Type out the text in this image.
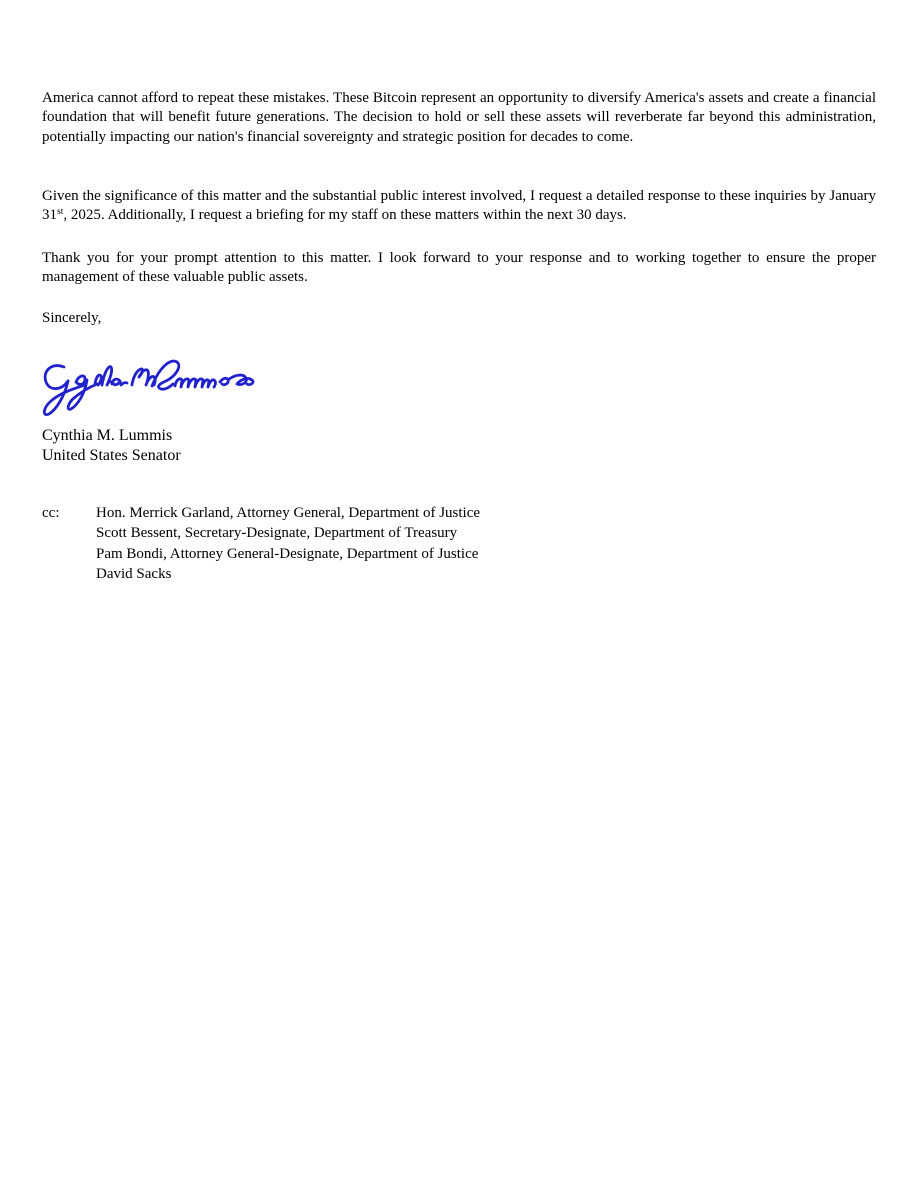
America cannot afford to repeat these mistakes. These Bitcoin represent an opportunity to diversify America's assets and create a financial foundation that will benefit future generations. The decision to hold or sell these assets will reverberate far beyond this administration, potentially impacting our nation's financial sovereignty and strategic position for decades to come.

Given the significance of this matter and the substantial public interest involved, I request a detailed response to these inquiries by January 31st, 2025. Additionally, I request a briefing for my staff on these matters within the next 30 days.

Thank you for your prompt attention to this matter. I look forward to your response and to working together to ensure the proper management of these valuable public assets.

Sincerely,
Cynthia M. Lummis
United States Senator
cc:	Hon. Merrick Garland, Attorney General, Department of Justice
Scott Bessent, Secretary-Designate, Department of Treasury
Pam Bondi, Attorney General-Designate, Department of Justice
David Sacks
